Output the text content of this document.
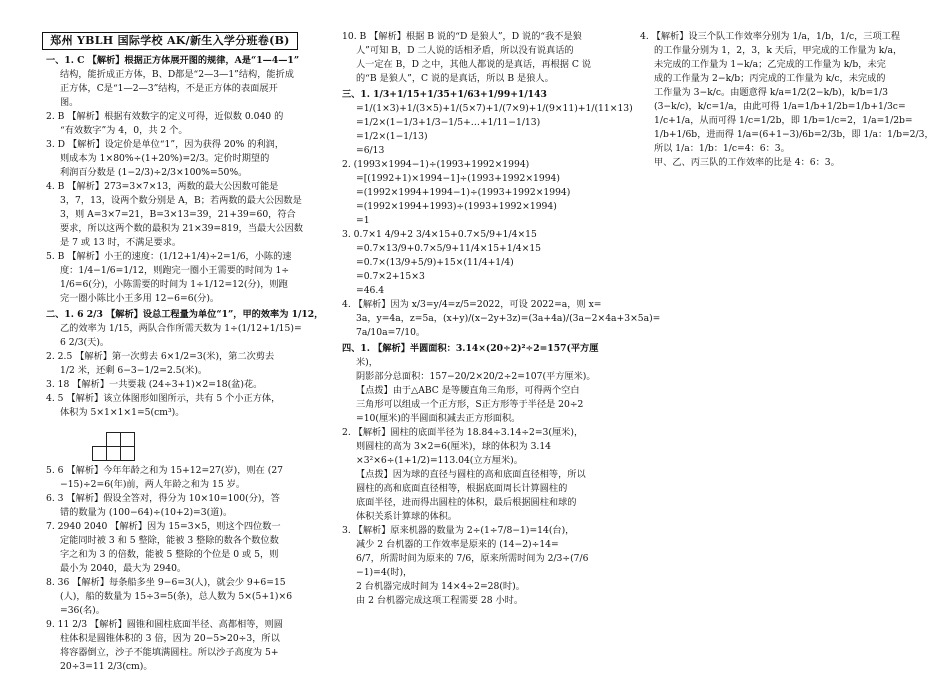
郑州 YBLH 国际学校 AK/新生入学分班卷(B)
一、1. C 【解析】根据正方体展开图的规律，A是“1—4—1”
结构，能折成正方体，B、D都是“2—3—1”结构，能折成
正方体，C是“1—2—3”结构，不是正方体的表面展开
图。
2. B 【解析】根据有效数字的定义可得，近似数 0.040 的
“有效数字”为 4，0，共 2 个。
3. D 【解析】设定价是单位“1”，因为获得 20% 的利润，
则成本为 1×80%÷(1+20%)=2/3。定价时期望的
利润百分数是 (1−2/3)÷2/3×100%=50%。
4. B 【解析】273=3×7×13，两数的最大公因数可能是
3，7，13，设两个数分别是 A，B；若两数的最大公因数是
3，则 A=3×7=21，B=3×13=39，21+39=60，符合
要求，所以这两个数的最积为 21×39=819，当最大公因数
是 7 或 13 时，不满足要求。
5. B 【解析】小王的速度：(1/12+1/4)÷2=1/6，小陈的速
度：1/4−1/6=1/12，则跑完一圈小王需要的时间为 1÷
1/6=6(分)，小陈需要的时间为 1÷1/12=12(分)，则跑
完一圈小陈比小王多用 12−6=6(分)。
二、1. 6 2/3 【解析】设总工程量为单位“1”，甲的效率为 1/12，
乙的效率为 1/15，两队合作所需天数为 1÷(1/12+1/15)=
6 2/3(天)。
2. 2.5 【解析】第一次剪去 6×1/2=3(米)，第二次剪去
1/2 米，还剩 6−3−1/2=2.5(米)。
3. 18 【解析】一共要栽 (24÷3+1)×2=18(盆)花。
4. 5 【解析】该立体图形如图所示，共有 5 个小正方体，
体积为 5×1×1×1=5(cm³)。
5. 6 【解析】今年年龄之和为 15+12=27(岁)，则在 (27
−15)÷2=6(年)前，两人年龄之和为 15 岁。
6. 3 【解析】假设全答对，得分为 10×10=100(分)，答
错的数量为 (100−64)÷(10+2)=3(道)。
7. 2940 2040 【解析】因为 15=3×5，则这个四位数一
定能同时被 3 和 5 整除，能被 3 整除的数各个数位数
字之和为 3 的倍数，能被 5 整除的个位是 0 或 5，则
最小为 2040，最大为 2940。
8. 36 【解析】每条船多坐 9−6=3(人)，就会少 9+6=15
(人)，船的数量为 15÷3=5(条)，总人数为 5×(5+1)×6
=36(名)。
9. 11 2/3 【解析】圆锥和圆柱底面半径、高都相等，则圆
柱体积是圆锥体积的 3 倍，因为 20−5>20÷3，所以
将容器倒立，沙子不能填满圆柱。所以沙子高度为 5+
20÷3=11 2/3(cm)。
10. B 【解析】根据 B 说的“D 是狼人”，D 说的“我不是狼
人”可知 B，D 二人说的话相矛盾，所以没有说真话的
人一定在 B，D 之中，其他人都说的是真话，再根据 C 说
的“B 是狼人”，C 说的是真话，所以 B 是狼人。
三、1. 1/3+1/15+1/35+1/63+1/99+1/143
=1/(1×3)+1/(3×5)+1/(5×7)+1/(7×9)+1/(9×11)+1/(11×13)
=1/2×(1−1/3+1/3−1/5+…+1/11−1/13)
=1/2×(1−1/13)
=6/13
2. (1993×1994−1)÷(1993+1992×1994)
=[(1992+1)×1994−1]÷(1993+1992×1994)
=(1992×1994+1994−1)÷(1993+1992×1994)
=(1992×1994+1993)÷(1993+1992×1994)
=1
3. 0.7×1 4/9+2 3/4×15+0.7×5/9+1/4×15
=0.7×13/9+0.7×5/9+11/4×15+1/4×15
=0.7×(13/9+5/9)+15×(11/4+1/4)
=0.7×2+15×3
=46.4
4. 【解析】因为 x/3=y/4=z/5=2022，可设 2022=a，则 x=
3a，y=4a，z=5a，(x+y)/(x−2y+3z)=(3a+4a)/(3a−2×4a+3×5a)=
7a/10a=7/10。
四、1. 【解析】半圆面积：3.14×(20÷2)²÷2=157(平方厘
米)，
阴影部分总面积：157−20/2×20/2÷2=107(平方厘米)。
【点拨】由于△ABC 是等腰直角三角形，可得两个空白
三角形可以组成一个正方形，S正方形等于半径是 20÷2
=10(厘米)的半圆面积减去正方形面积。
2. 【解析】圆柱的底面半径为 18.84÷3.14÷2=3(厘米)，
则圆柱的高为 3×2=6(厘米)，球的体积为 3.14
×3²×6÷(1+1/2)=113.04(立方厘米)。
【点拨】因为球的直径与圆柱的高和底面直径相等，所以
圆柱的高和底面直径相等，根据底面周长计算圆柱的
底面半径，进而得出圆柱的体积，最后根据圆柱和球的
体积关系计算球的体积。
3. 【解析】原来机器的数量为 2÷(1÷7/8−1)=14(台)，
减少 2 台机器的工作效率是原来的 (14−2)÷14=
6/7，所需时间为原来的 7/6，原来所需时间为 2/3÷(7/6
−1)=4(时)，
2 台机器完成时间为 14×4÷2=28(时)。
由 2 台机器完成这项工程需要 28 小时。
4. 【解析】设三个队工作效率分别为 1/a，1/b，1/c，三项工程
的工作量分别为 1，2，3，k 天后，甲完成的工作量为 k/a，
未完成的工作量为 1−k/a；乙完成的工作量为 k/b，未完
成的工作量为 2−k/b；丙完成的工作量为 k/c，未完成的
工作量为 3−k/c。由题意得 k/a=1/2(2−k/b)，k/b=1/3
(3−k/c)，k/c=1/a，由此可得 1/a=1/b+1/2b=1/b+1/3c=
1/c+1/a，从而可得 1/c=1/2b，即 1/b=1/c=2，1/a=1/2b=
1/b+1/6b，进而得 1/a=(6+1−3)/6b=2/3b，即 1/a：1/b=2/3，
所以 1/a：1/b：1/c=4：6：3。
甲、乙、丙三队的工作效率的比是 4：6：3。
